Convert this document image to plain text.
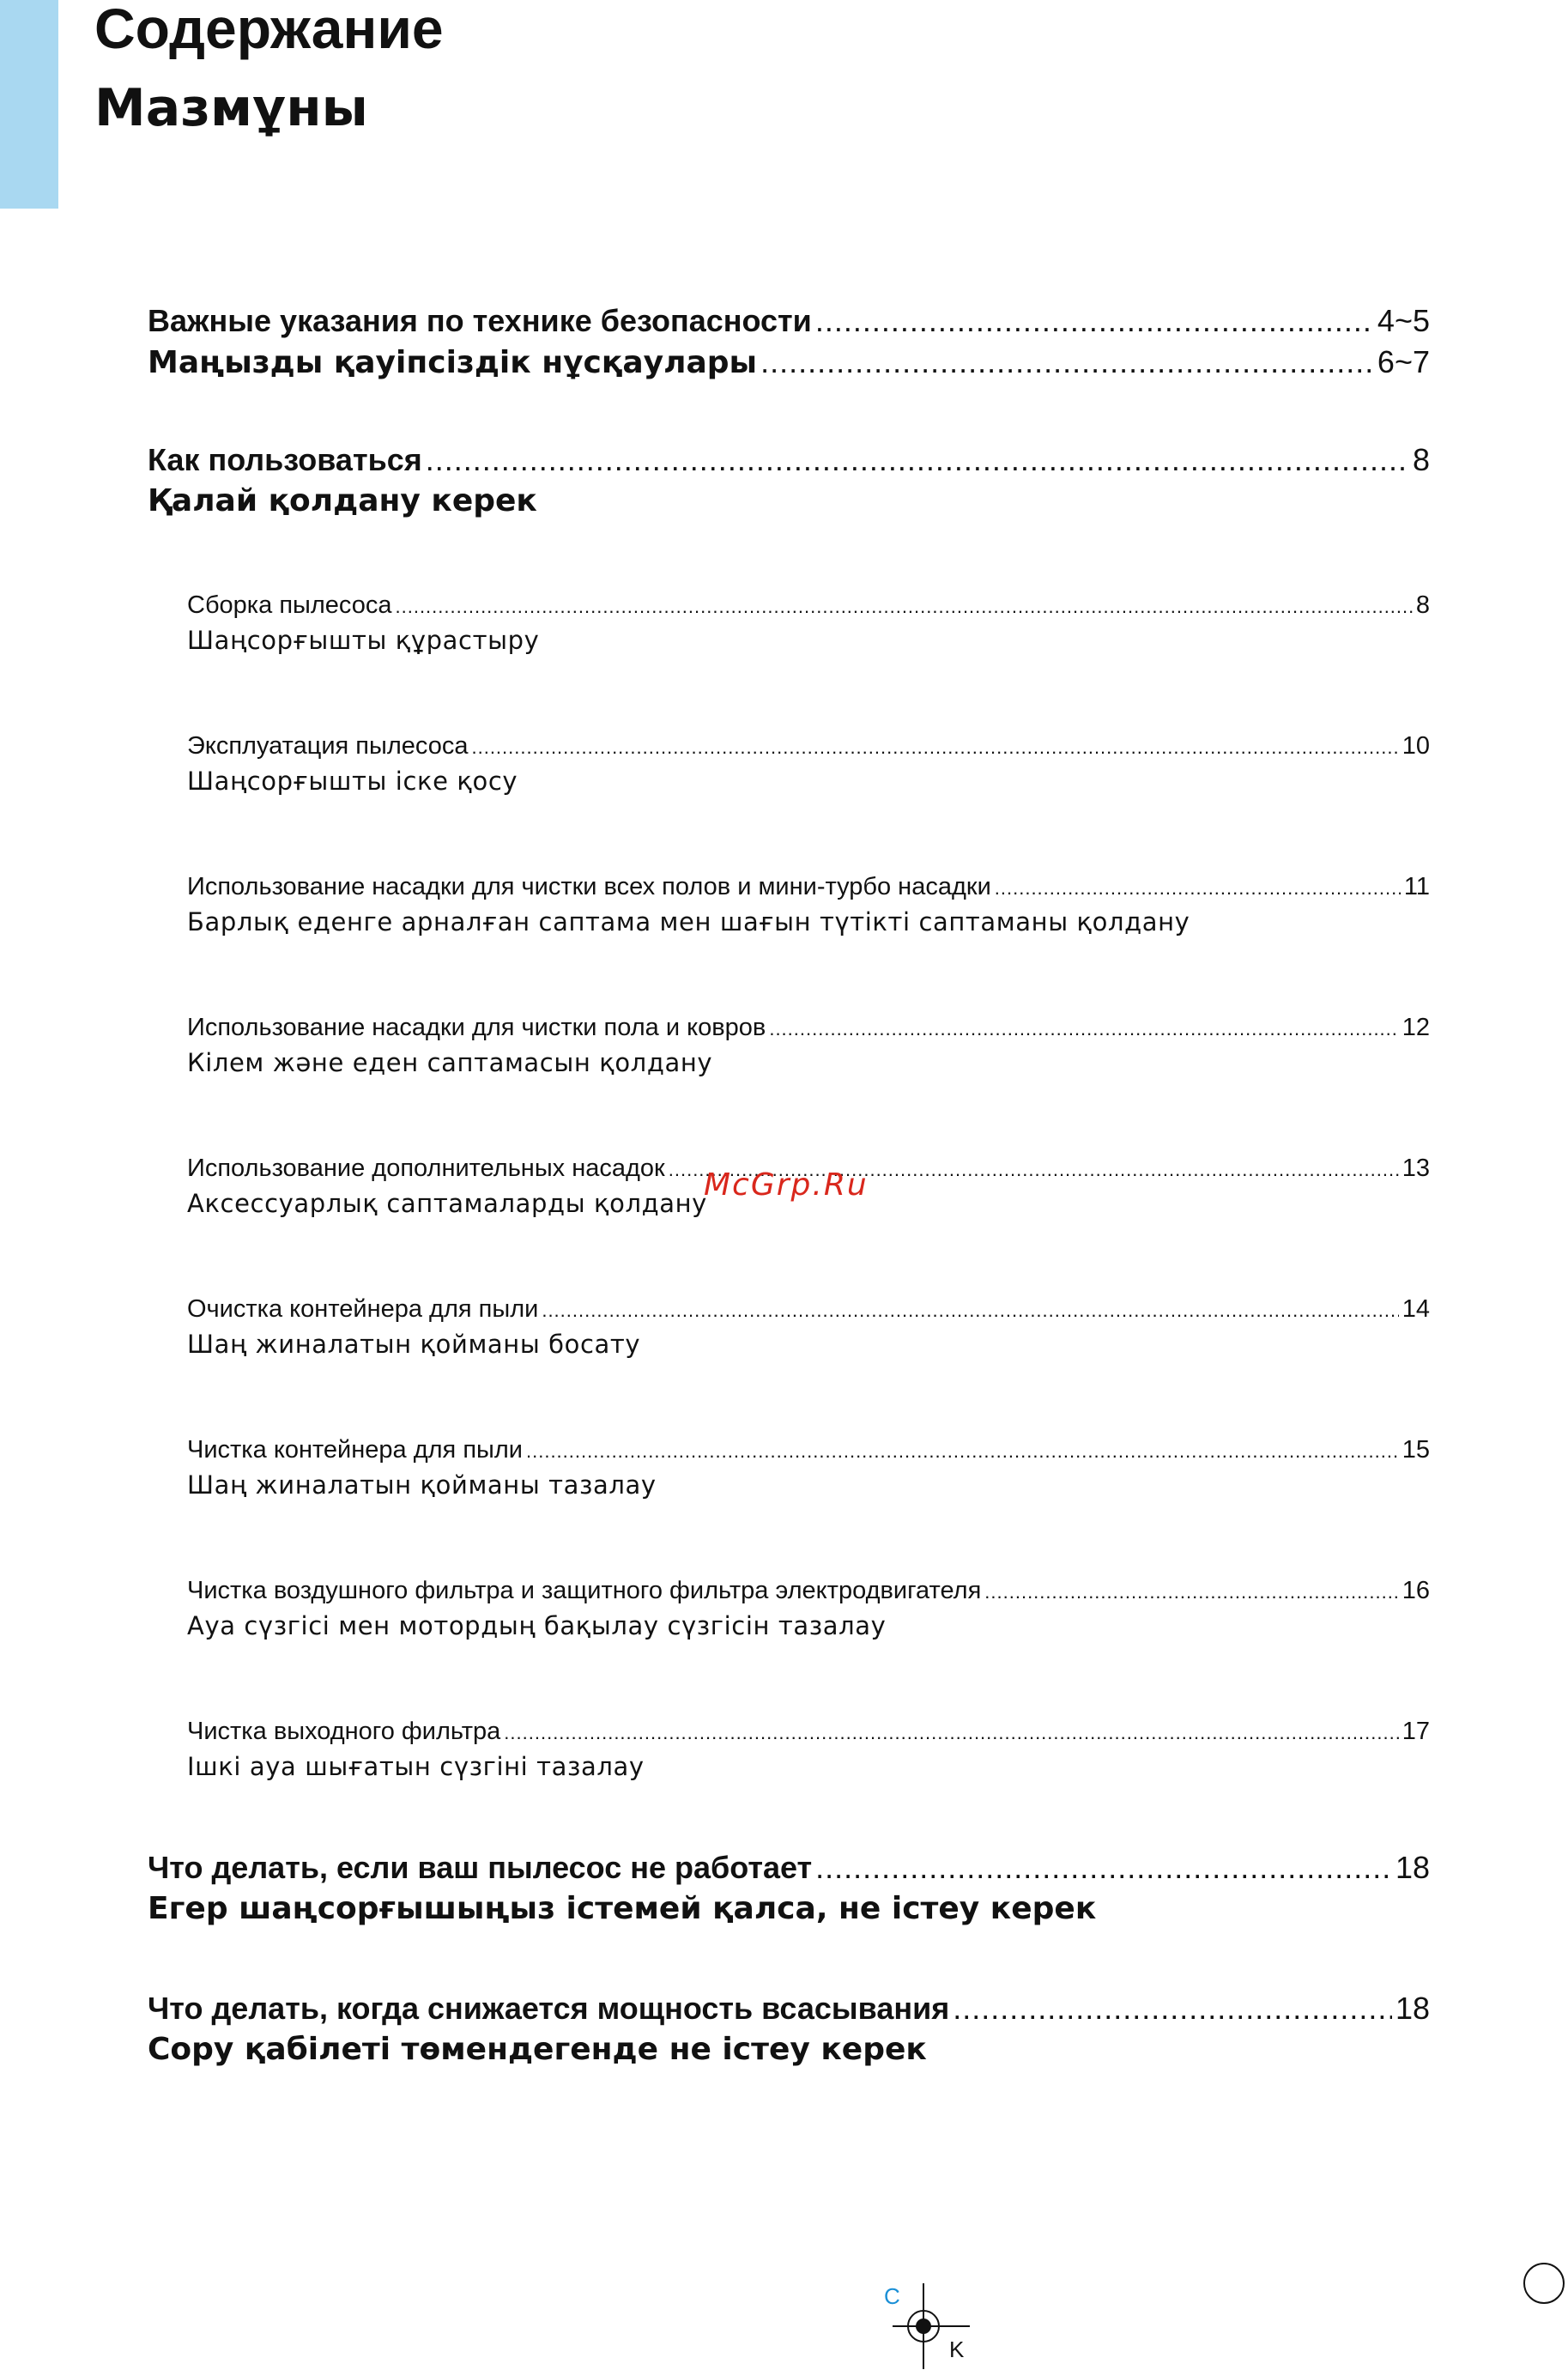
Содержание
Мазмұны
Важные указания по технике безопасности .....	4~5
Маңызды қауіпсіздік нұсқаулары .....	6~7
Как пользоваться .....	8
Қалай қолдану керек
Сборка пылесоса .....	8
Шаңсорғышты құрастыру
Эксплуатация пылесоса .....	10
Шаңсорғышты іске қосу
Использование насадки для чистки всех полов и мини-турбо насадки .....	11
Барлық еденге арналған саптама мен шағын түтікті саптаманы қолдану
Использование насадки для чистки пола и ковров .....	12
Кілем және еден саптамасын қолдану
Использование дополнительных насадок .....	13
Аксессуарлық саптамаларды қолдану
Очистка контейнера для пыли .....	14
Шаң жиналатын қойманы босату
Чистка контейнера для пыли .....	15
Шаң жиналатын қойманы тазалау
Чистка воздушного фильтра и защитного фильтра электродвигателя .....	16
Ауа сүзгісі мен мотордың бақылау сүзгісін тазалау
Чистка выходного фильтра .....	17
Ішкі ауа шығатын сүзгіні тазалау
Что делать, если ваш пылесос не работает .....	18
Егер шаңсорғышыңыз істемей қалса, не істеу керек
Что делать, когда снижается мощность всасывания .....	18
Сору қабілеті төмендегенде не істеу керек
McGrp.Ru
C
K
